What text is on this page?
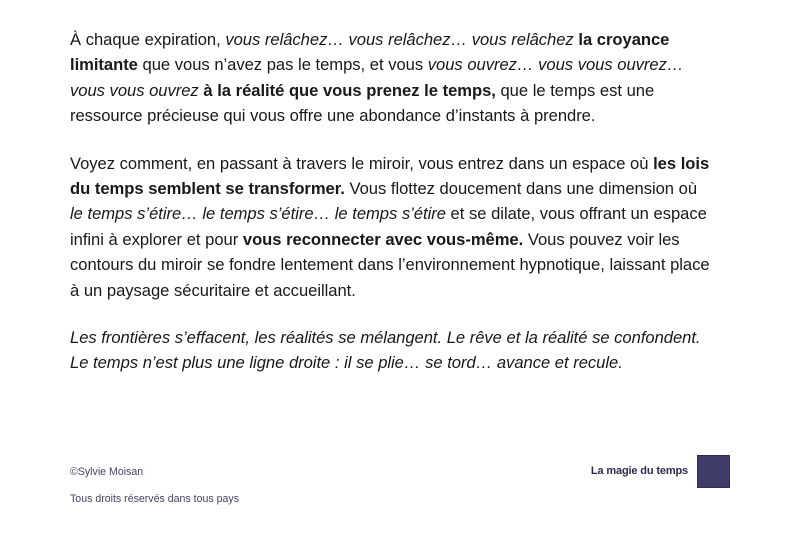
À chaque expiration, vous relâchez… vous relâchez… vous relâchez la croyance limitante que vous n’avez pas le temps, et vous vous ouvrez… vous vous ouvrez… vous vous ouvrez à la réalité que vous prenez le temps, que le temps est une ressource précieuse qui vous offre une abondance d’instants à prendre.

Voyez comment, en passant à travers le miroir, vous entrez dans un espace où les lois du temps semblent se transformer. Vous flottez doucement dans une dimension où le temps s’étire… le temps s’étire… le temps s’étire et se dilate, vous offrant un espace infini à explorer et pour vous reconnecter avec vous-même. Vous pouvez voir les contours du miroir se fondre lentement dans l’environnement hypnotique, laissant place à un paysage sécuritaire et accueillant.

Les frontières s’effacent, les réalités se mélangent. Le rêve et la réalité se confondent. Le temps n’est plus une ligne droite : il se plie… se tord… avance et recule.

©Sylvie Moisan

Tous droits réservés dans tous pays

La magie du temps
